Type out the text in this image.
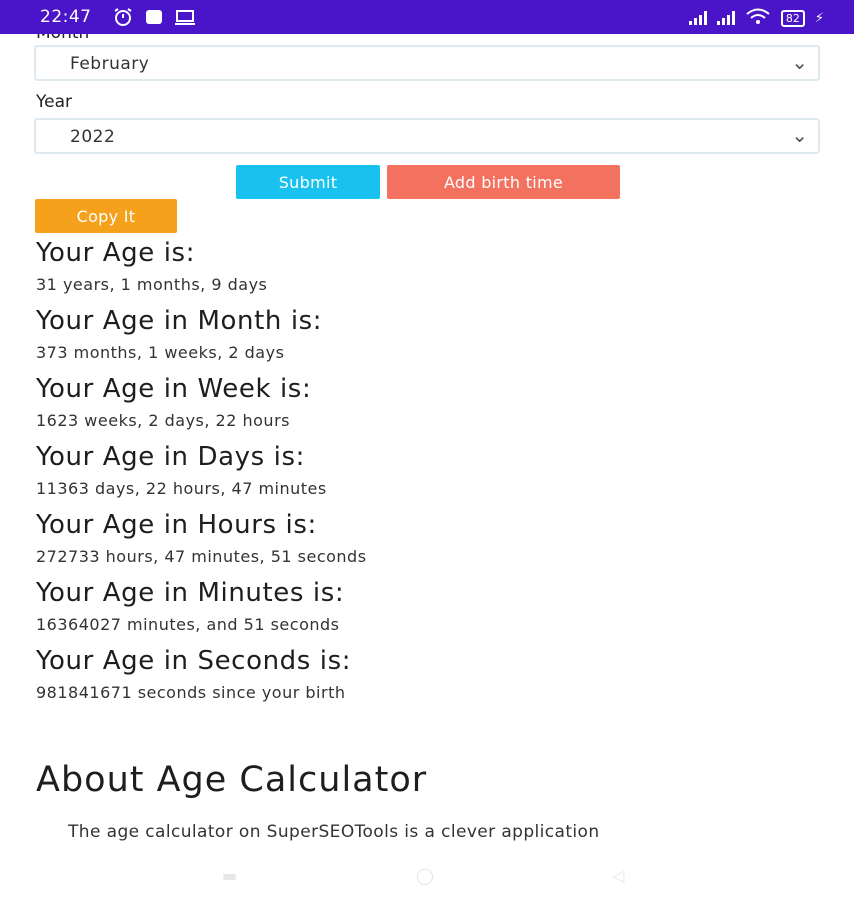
22:47	82	⚡
February	⌄
Year
2022	⌄
Submit	Add birth time
Copy It
Your Age is:

31 years, 1 months, 9 days

Your Age in Month is:

373 months, 1 weeks, 2 days

Your Age in Week is:

1623 weeks, 2 days, 22 hours

Your Age in Days is:

11363 days, 22 hours, 47 minutes

Your Age in Hours is:

272733 hours, 47 minutes, 51 seconds

Your Age in Minutes is:

16364027 minutes, and 51 seconds

Your Age in Seconds is:

981841671 seconds since your birth

About Age Calculator

The age calculator on SuperSEOTools is a clever application

▬	◯	◁
